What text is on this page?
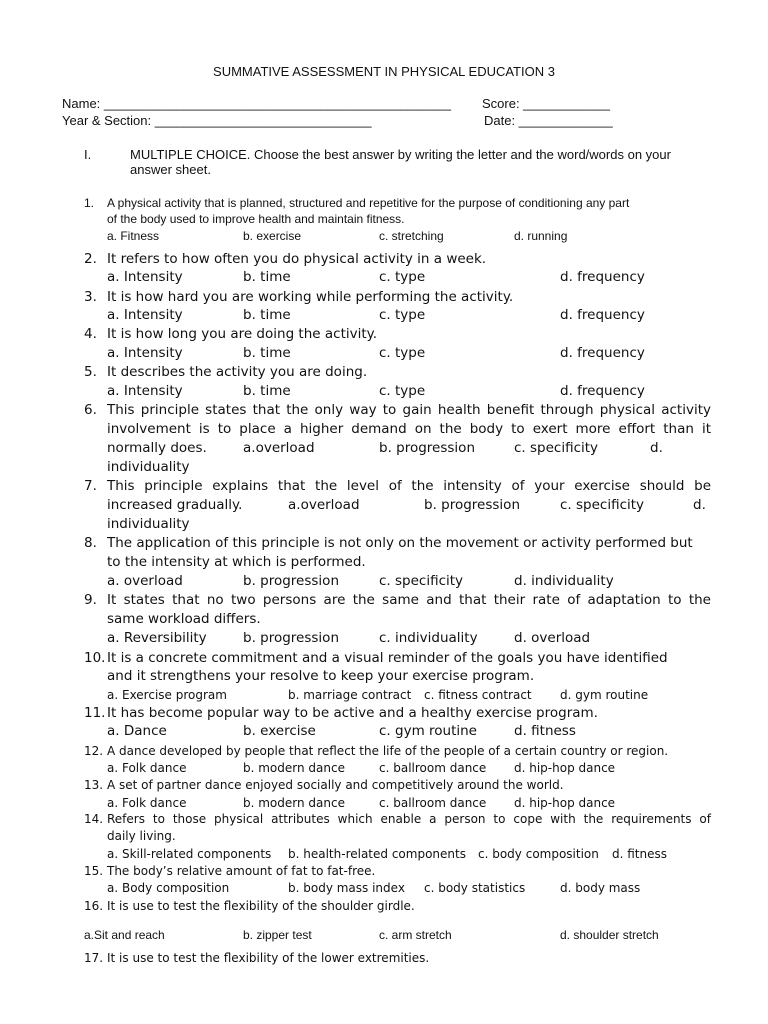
SUMMATIVE ASSESSMENT IN PHYSICAL EDUCATION 3
Name: ________________________________________________ Score: ____________
Year & Section: ______________________________	Date: _____________
I.	MULTIPLE CHOICE. Choose the best answer by writing the letter and the word/words on your
answer sheet.
1. A physical activity that is planned, structured and repetitive for the purpose of conditioning any part
of the body used to improve health and maintain fitness.
a. Fitness	b. exercise	c. stretching	d. running
2. It refers to how often you do physical activity in a week.
a. Intensity	b. time	c. type	d. frequency
3. It is how hard you are working while performing the activity.
a. Intensity	b. time	c. type	d. frequency
4. It is how long you are doing the activity.
a. Intensity	b. time	c. type	d. frequency
5. It describes the activity you are doing.
a. Intensity	b. time	c. type	d. frequency
6. This principle states that the only way to gain health benefit through physical activity
involvement is to place a higher demand on the body to exert more effort than it
normally does.	a.overload	b. progression	c. specificity	d.
individuality
7. This principle explains that the level of the intensity of your exercise should be
increased gradually.	a.overload	b. progression	c. specificity	d.
individuality
8. The application of this principle is not only on the movement or activity performed but
to the intensity at which is performed.
a. overload	b. progression	c. specificity	d. individuality
9. It states that no two persons are the same and that their rate of adaptation to the
same workload differs.
a. Reversibility	b. progression	c. individuality	d. overload
10. It is a concrete commitment and a visual reminder of the goals you have identified
and it strengthens your resolve to keep your exercise program.
a. Exercise program	b. marriage contract c. fitness contract d. gym routine
11. It has become popular way to be active and a healthy exercise program.
a. Dance	b. exercise	c. gym routine	d. fitness
12. A dance developed by people that reflect the life of the people of a certain country or region.
a. Folk dance	b. modern dance	c. ballroom dance d. hip-hop dance
13. A set of partner dance enjoyed socially and competitively around the world.
a. Folk dance	b. modern dance	c. ballroom dance d. hip-hop dance
14. Refers to those physical attributes which enable a person to cope with the requirements of
daily living.
a. Skill-related components b. health-related components c. body composition d. fitness
15. The body’s relative amount of fat to fat-free.
a. Body composition	b. body mass index c. body statistics	d. body mass
16. It is use to test the flexibility of the shoulder girdle.
a.Sit and reach	b. zipper test	c. arm stretch	d. shoulder stretch
17. It is use to test the flexibility of the lower extremities.
